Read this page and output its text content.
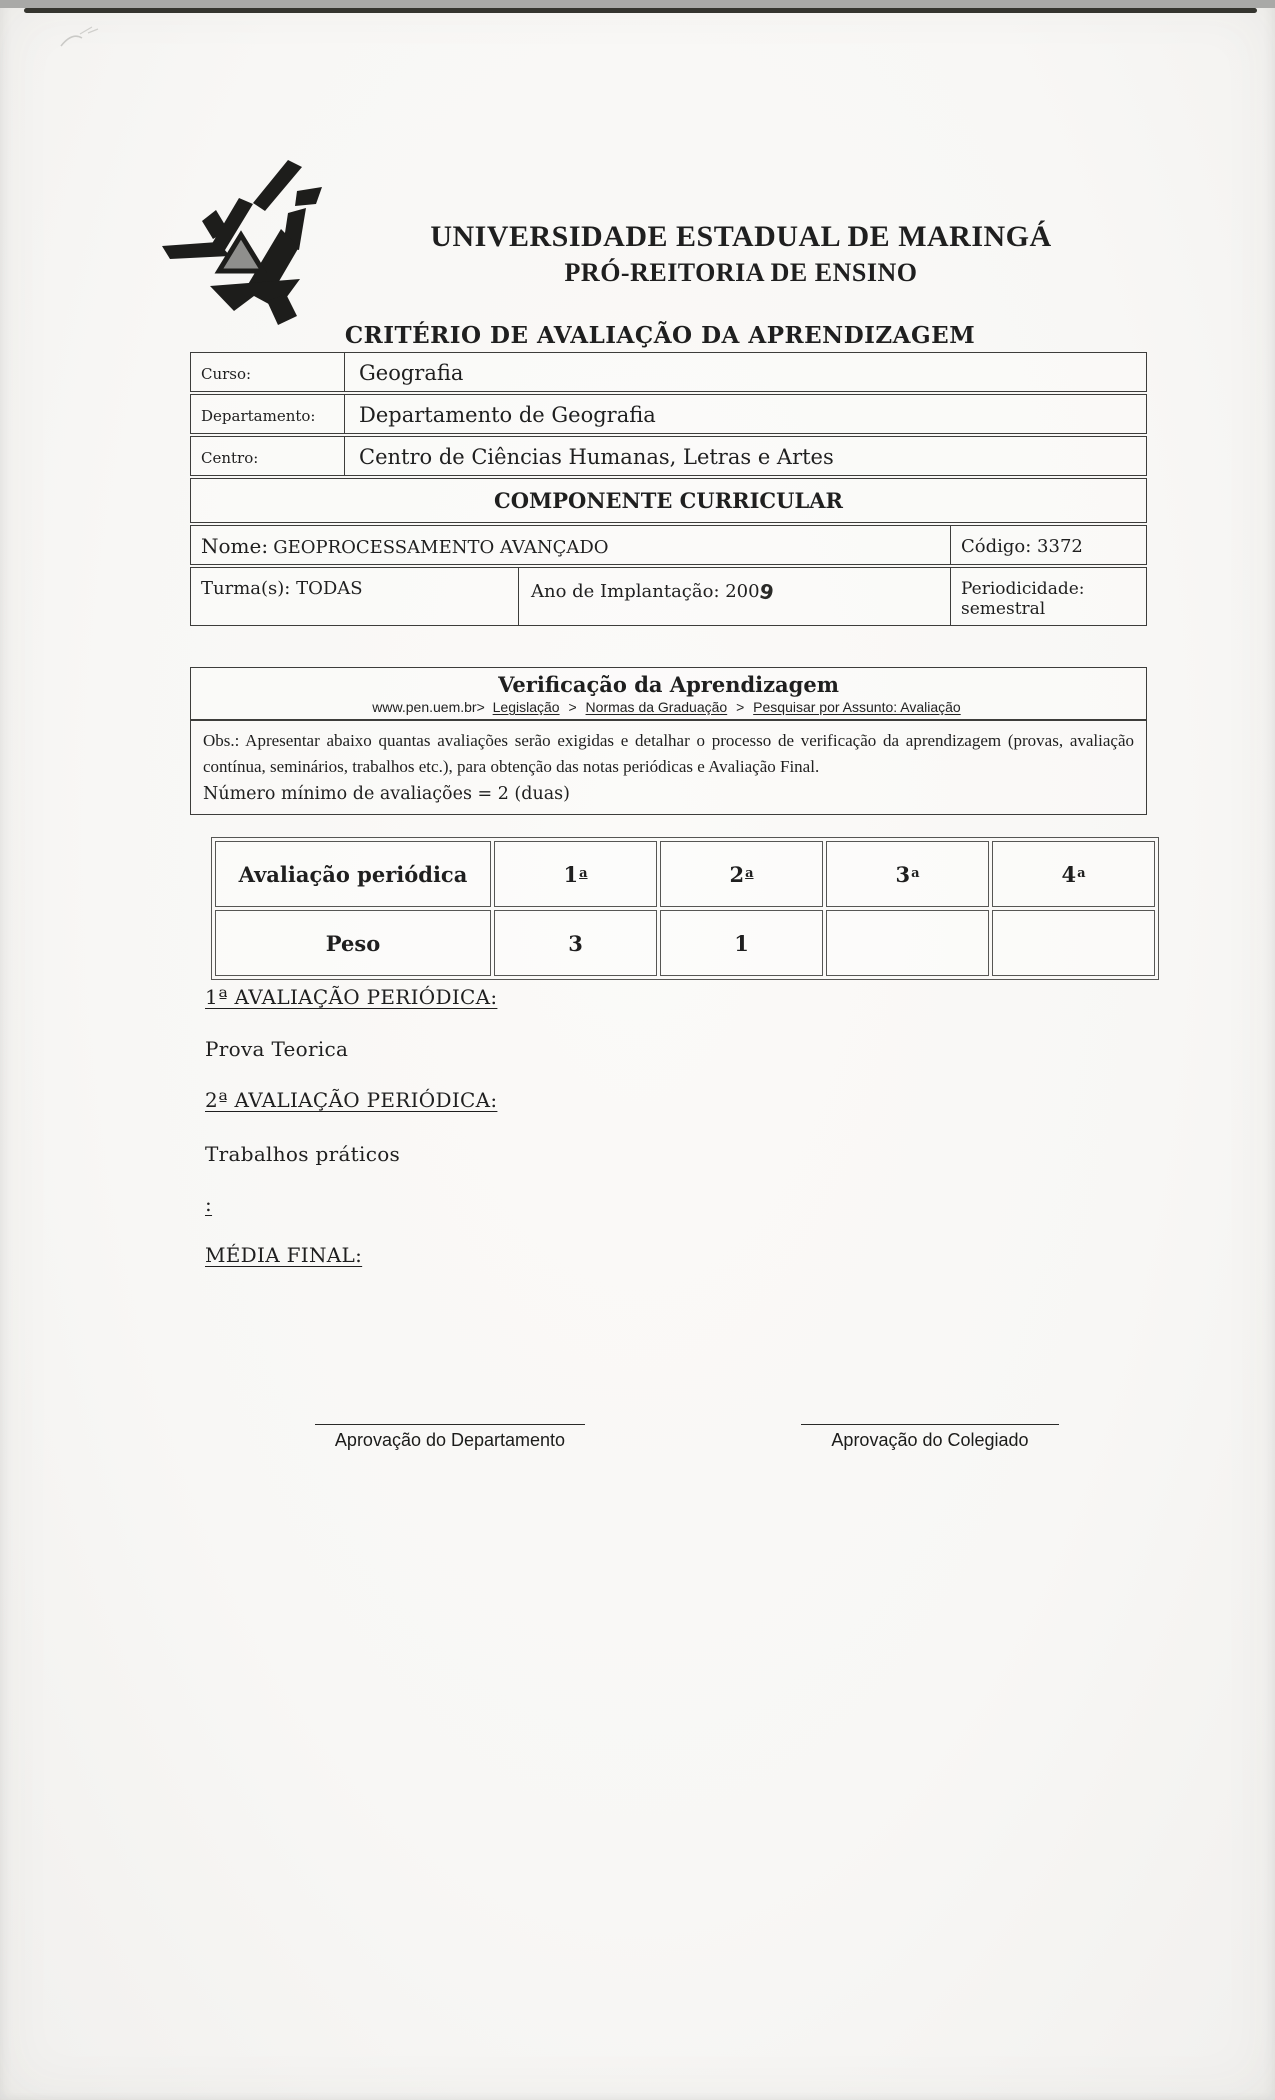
UNIVERSIDADE ESTADUAL DE MARINGÁ
PRÓ-REITORIA DE ENSINO
CRITÉRIO DE AVALIAÇÃO DA APRENDIZAGEM
Curso:	Geografia
Departamento:	Departamento de Geografia
Centro:	Centro de Ciências Humanas, Letras e Artes
COMPONENTE CURRICULAR
Nome: GEOPROCESSAMENTO AVANÇADO	Código: 3372
Turma(s): TODAS	Ano de Implantação: 2009	Periodicidade: semestral
Verificação da Aprendizagem
www.pen.uem.br> Legislação > Normas da Graduação > Pesquisar por Assunto: Avaliação
Obs.: Apresentar abaixo quantas avaliações serão exigidas e detalhar o processo de verificação da aprendizagem (provas, avaliação contínua, seminários, trabalhos etc.), para obtenção das notas periódicas e Avaliação Final.
Número mínimo de avaliações = 2 (duas)
Avaliação periódica	1 a	2 a	3 a	4 a
Peso	3	1
1ª AVALIAÇÃO PERIÓDICA:
Prova Teorica
2ª AVALIAÇÃO PERIÓDICA:
Trabalhos práticos
:
MÉDIA FINAL:
Aprovação do Departamento	Aprovação do Colegiado
